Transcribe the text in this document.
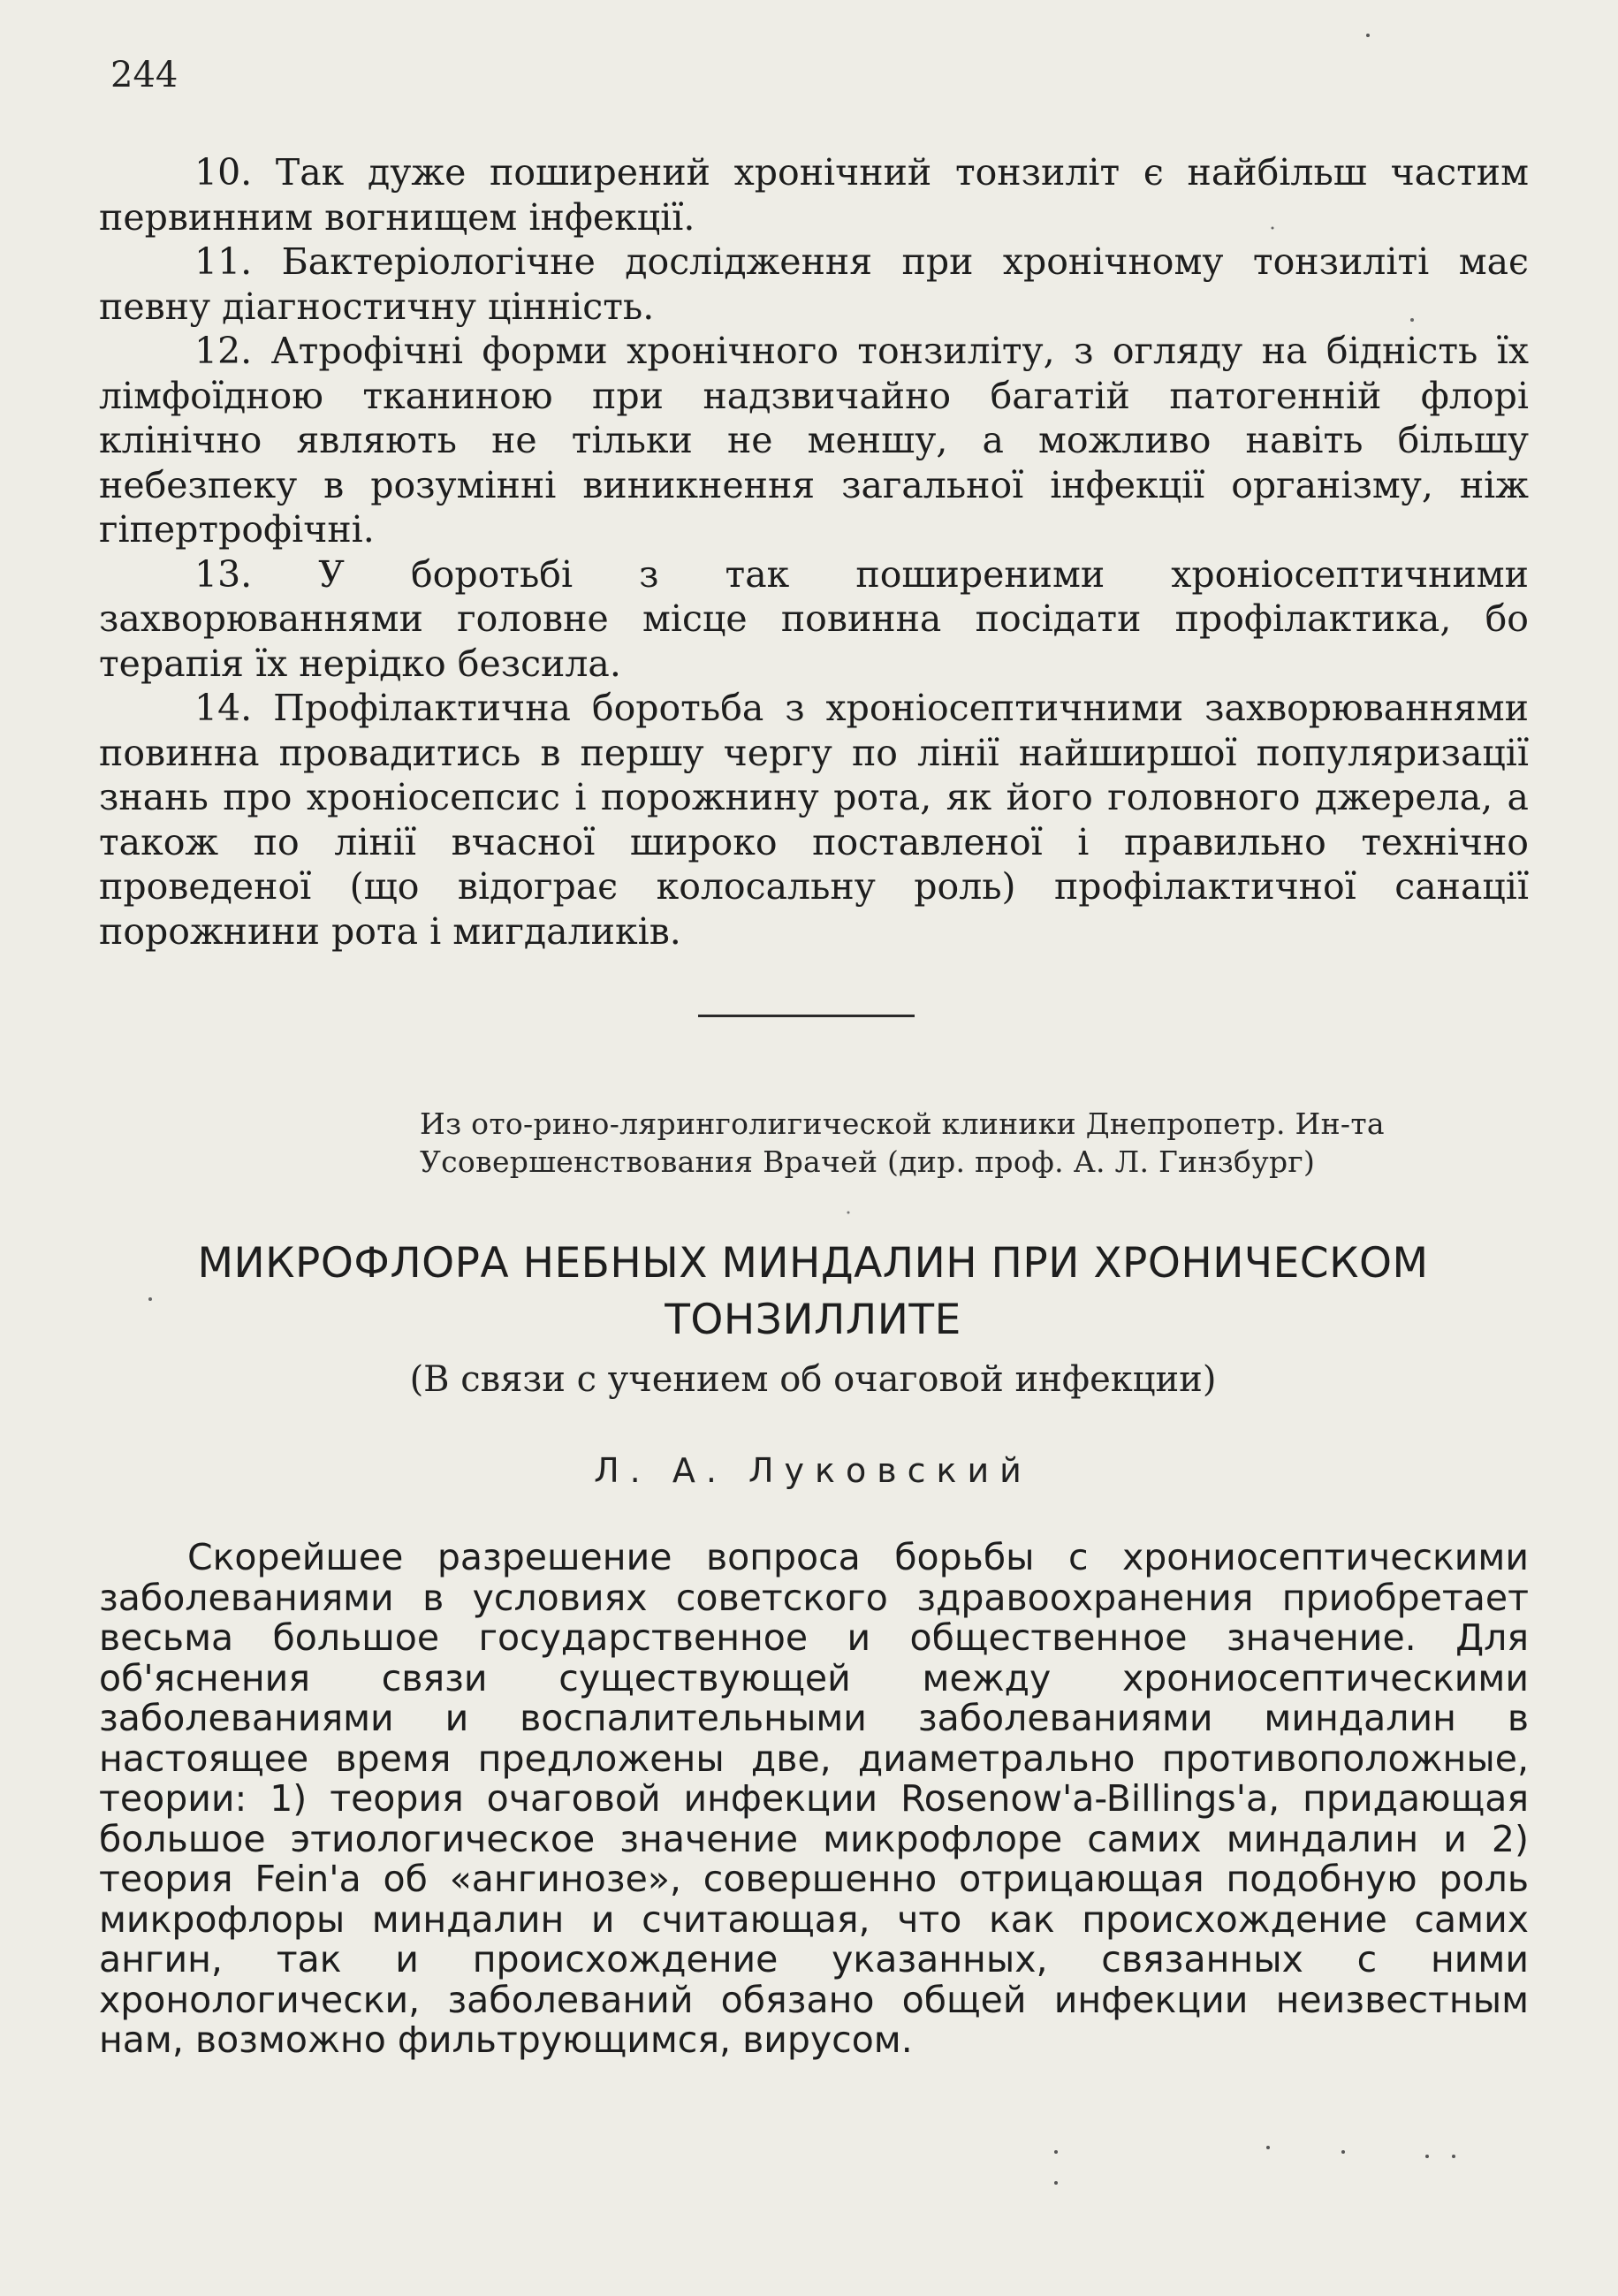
244

10. Так дуже поширений хронічний тонзиліт є найбільш частим первинним вогнищем інфекції.

11. Бактеріологічне дослідження при хронічному тонзиліті має певну діагностичну цінність.

12. Атрофічні форми хронічного тонзиліту, з огляду на бідність їх лімфоїдною тканиною при надзвичайно багатій патогенній флорі клінічно являють не тільки не меншу, а можливо навіть більшу небезпеку в розумінні виникнення загальної інфекції організму, ніж гіпертрофічні.

13. У боротьбі з так поширеними хроніосептичними захворюваннями головне місце повинна посідати профілактика, бо терапія їх нерідко безсила.

14. Профілактична боротьба з хроніосептичними захворюваннями повинна провадитись в першу чергу по лінії найширшої популяризації знань про хроніосепсис і порожнину рота, як його головного джерела, а також по лінії вчасної широко поставленої і правильно технічно проведеної (що відограє колосальну роль) профілактичної санації порожнини рота і мигдаликів.

Из ото-рино-ляринголигической клиники Днепропетр. Ин-та
Усовершенствования Врачей (дир. проф. А. Л. Гинзбург)
МИКРОФЛОРА НЕБНЫХ МИНДАЛИН ПРИ ХРОНИЧЕСКОМ
ТОНЗИЛЛИТЕ
(В связи с учением об очаговой инфекции)
Л. А. Луковский

Скорейшее разрешение вопроса борьбы с хрониосептическими заболеваниями в условиях советского здравоохранения приобретает весьма большое государственное и общественное значение. Для об'яснения связи существующей между хрониосептическими заболеваниями и воспалительными заболеваниями миндалин в настоящее время предложены две, диаметрально противоположные, теории: 1) теория очаговой инфекции Rosenow'a-Billings'a, придающая большое этиологическое значение микрофлоре самих миндалин и 2) теория Fein'a об «ангинозе», совершенно отрицающая подобную роль микрофлоры миндалин и считающая, что как происхождение самих ангин, так и происхождение указанных, связанных с ними хронологически, заболеваний обязано общей инфекции неизвестным нам, возможно фильтрующимся, вирусом.
